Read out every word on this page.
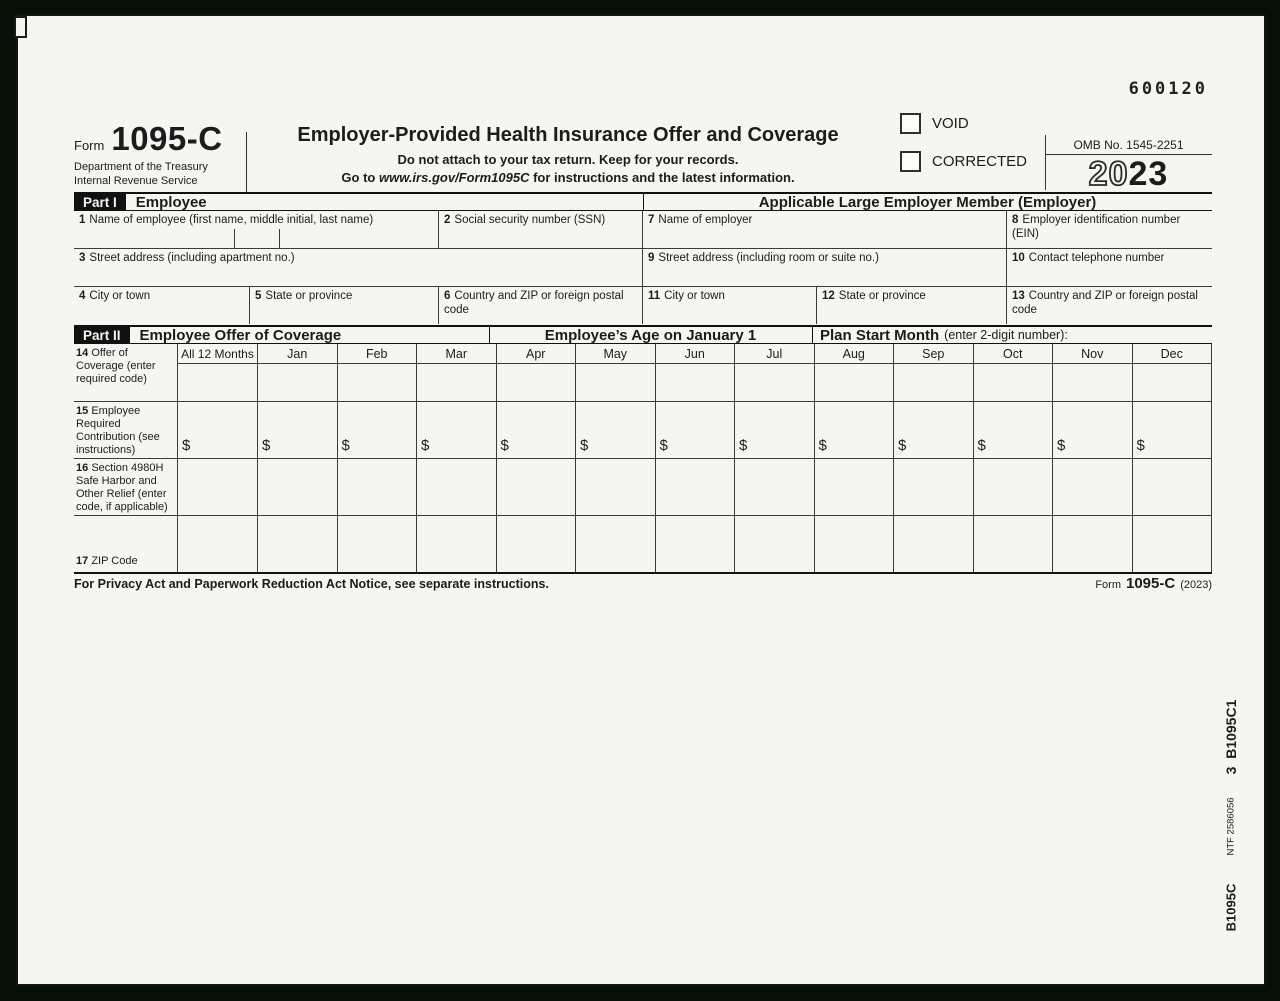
600120
Form 1095-C
Department of the Treasury
Internal Revenue Service
Employer-Provided Health Insurance Offer and Coverage
Do not attach to your tax return. Keep for your records.
Go to www.irs.gov/Form1095C for instructions and the latest information.
VOID
CORRECTED
OMB No. 1545-2251
2023
Part I	Employee	Applicable Large Employer Member (Employer)
1 Name of employee (first name, middle initial, last name)	2 Social security number (SSN)	7 Name of employer	8 Employer identification number (EIN)
3 Street address (including apartment no.)	9 Street address (including room or suite no.)	10 Contact telephone number
4 City or town	5 State or province	6 Country and ZIP or foreign postal code
11 City or town	12 State or province	13 Country and ZIP or foreign postal code
Part II	Employee Offer of Coverage	Employee’s Age on January 1	Plan Start Month (enter 2-digit number):
14 Offer of Coverage (enter required code)
All 12 Months	Jan	Feb	Mar	Apr	May	Jun	Jul	Aug	Sep	Oct	Nov	Dec
15 Employee Required Contribution (see instructions)	$	$	$	$	$	$	$	$	$	$	$	$	$
16 Section 4980H Safe Harbor and Other Relief (enter code, if applicable)
17 ZIP Code
For Privacy Act and Paperwork Reduction Act Notice, see separate instructions.	Form 1095-C (2023)
3  B1095C1
NTF 2586056
B1095C
